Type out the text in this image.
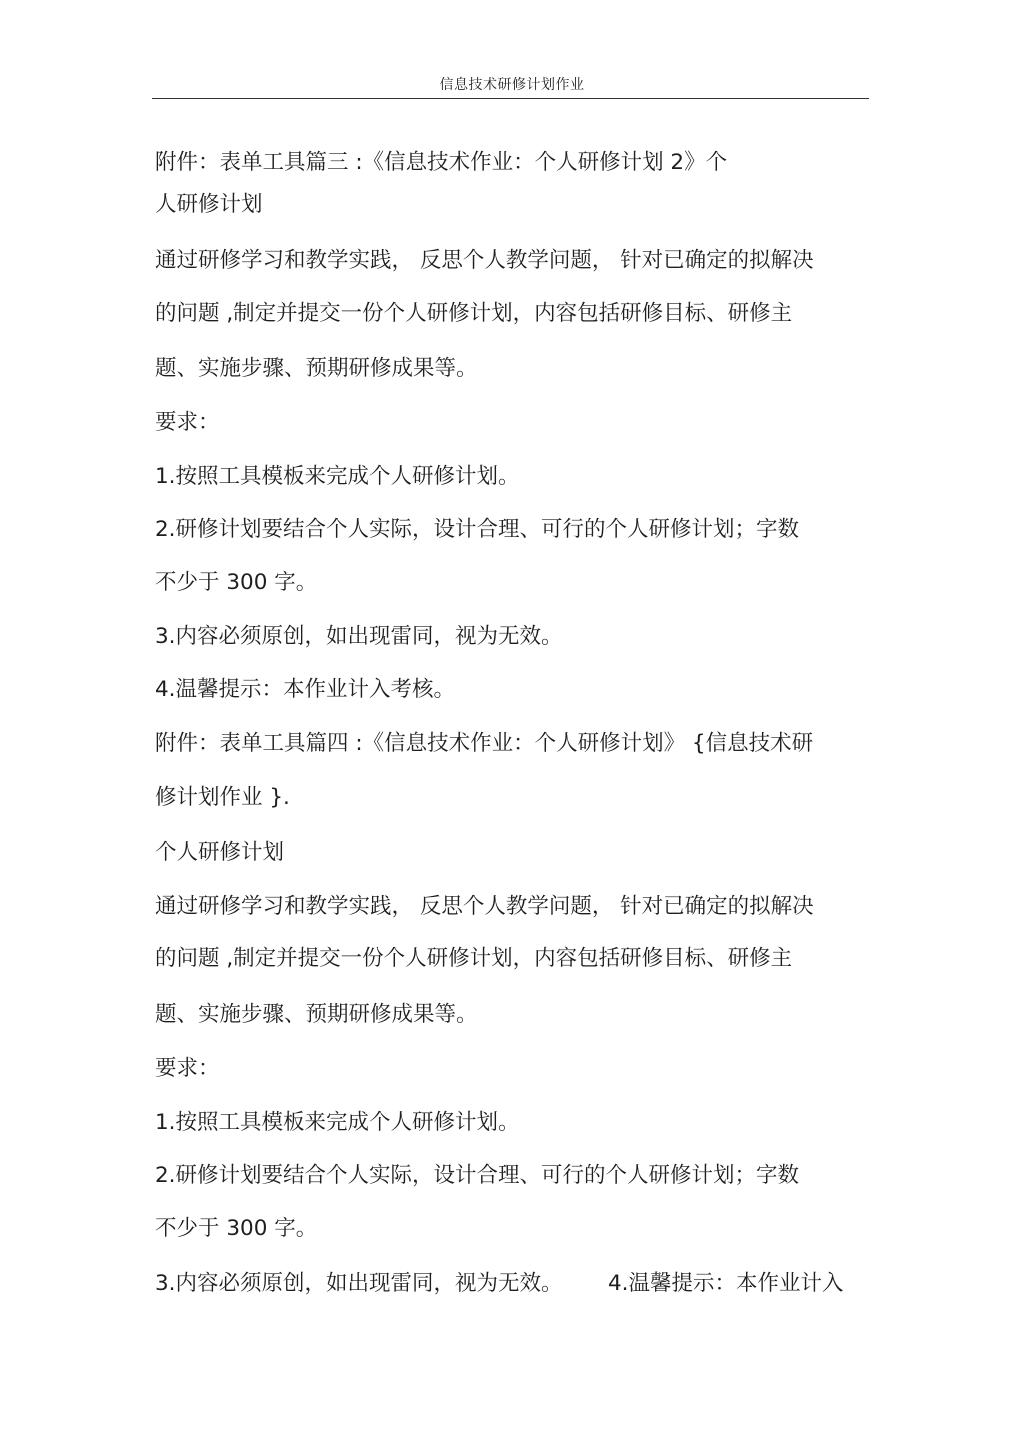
信息技术研修计划作业
附件：表单工具篇三 :《信息技术作业：个人研修计划 2》个
人研修计划
通过研修学习和教学实践， 反思个人教学问题， 针对已确定的拟解决
的问题 ,制定并提交一份个人研修计划，内容包括研修目标、研修主
题、实施步骤、预期研修成果等。
要求：
1.按照工具模板来完成个人研修计划。
2.研修计划要结合个人实际，设计合理、可行的个人研修计划；字数
不少于 300 字。
3.内容必须原创，如出现雷同，视为无效。
4.温馨提示：本作业计入考核。
附件：表单工具篇四 :《信息技术作业：个人研修计划》 {信息技术研
修计划作业 }.
个人研修计划
通过研修学习和教学实践， 反思个人教学问题， 针对已确定的拟解决
的问题 ,制定并提交一份个人研修计划，内容包括研修目标、研修主
题、实施步骤、预期研修成果等。
要求：
1.按照工具模板来完成个人研修计划。
2.研修计划要结合个人实际，设计合理、可行的个人研修计划；字数
不少于 300 字。
3.内容必须原创，如出现雷同，视为无效。 4.温馨提示：本作业计入
